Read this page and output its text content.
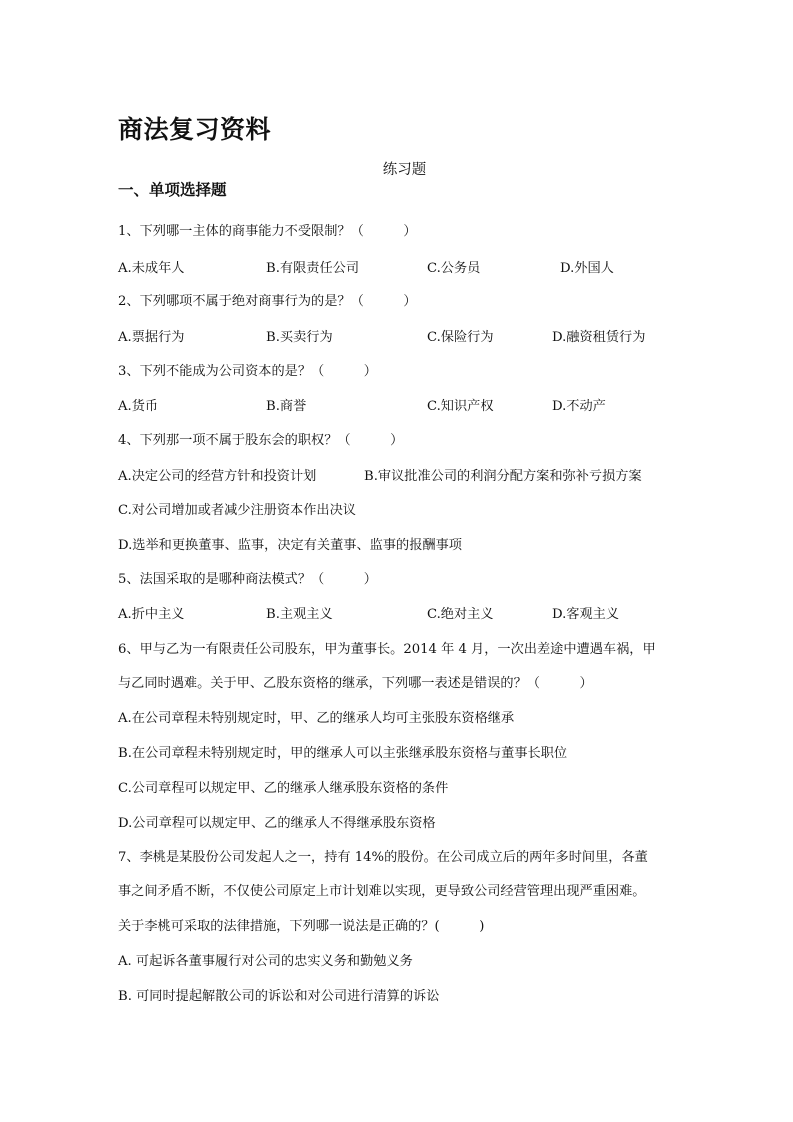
商法复习资料
练习题
一、单项选择题
1、下列哪一主体的商事能力不受限制？（　　　）
A.未成年人	B.有限责任公司	C.公务员	D.外国人
2、下列哪项不属于绝对商事行为的是？（　　　）
A.票据行为	B.买卖行为	C.保险行为	D.融资租赁行为
3、下列不能成为公司资本的是？（　　　）
A.货币	B.商誉	C.知识产权	D.不动产
4、下列那一项不属于股东会的职权？（　　　）
A.决定公司的经营方针和投资计划	B.审议批准公司的利润分配方案和弥补亏损方案
C.对公司增加或者减少注册资本作出决议
D.选举和更换董事、监事，决定有关董事、监事的报酬事项
5、法国采取的是哪种商法模式？（　　　）
A.折中主义	B.主观主义	C.绝对主义	D.客观主义
6、甲与乙为一有限责任公司股东，甲为董事长。2014 年 4 月，一次出差途中遭遇车祸，甲
与乙同时遇难。关于甲、乙股东资格的继承，下列哪一表述是错误的？（　　　）
A.在公司章程未特别规定时，甲、乙的继承人均可主张股东资格继承
B.在公司章程未特别规定时，甲的继承人可以主张继承股东资格与董事长职位
C.公司章程可以规定甲、乙的继承人继承股东资格的条件
D.公司章程可以规定甲、乙的继承人不得继承股东资格
7、李桃是某股份公司发起人之一，持有 14%的股份。在公司成立后的两年多时间里，各董
事之间矛盾不断，不仅使公司原定上市计划难以实现，更导致公司经营管理出现严重困难。
关于李桃可采取的法律措施，下列哪一说法是正确的？(　　　)
A. 可起诉各董事履行对公司的忠实义务和勤勉义务
B. 可同时提起解散公司的诉讼和对公司进行清算的诉讼
